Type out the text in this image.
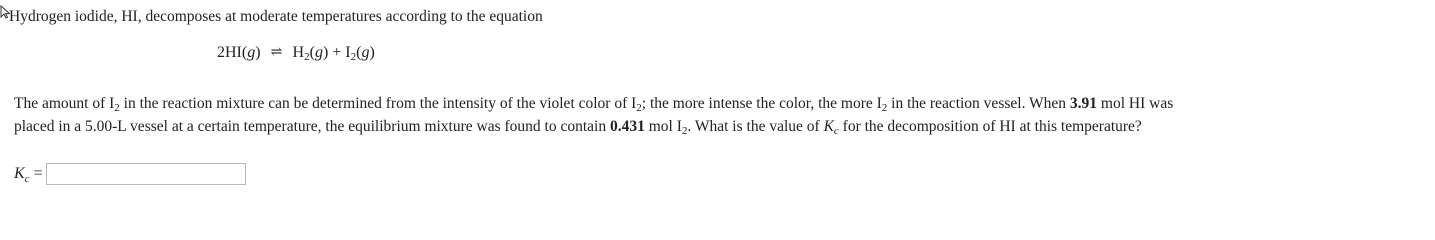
Hydrogen iodide, HI, decomposes at moderate temperatures according to the equation
2HI(g) ⇌ $H_2(g) + I_2(g)$
The amount of $I_2$ in the reaction mixture can be determined from the intensity of the violet color of $I_2$; the more intense the color, the more $I_2$ in the reaction vessel. When 3.91 mol HI was
placed in a 5.00-L vessel at a certain temperature, the equilibrium mixture was found to contain 0.431 mol $I_2$. What is the value of $K_c$ for the decomposition of HI at this temperature?
$K_c$ =
